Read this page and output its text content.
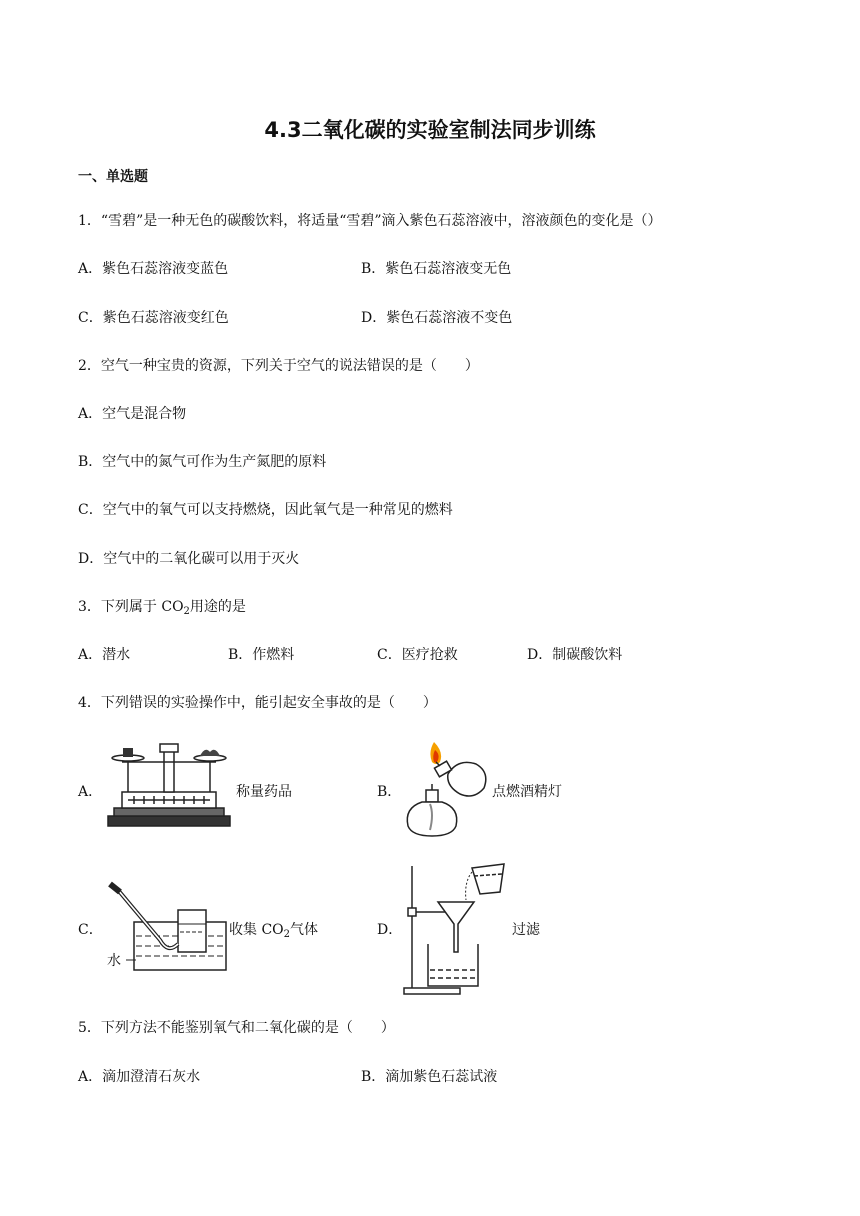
4.3二氧化碳的实验室制法同步训练
一、单选题
1．“雪碧”是一种无色的碳酸饮料，将适量“雪碧”滴入紫色石蕊溶液中，溶液颜色的变化是（）
A．紫色石蕊溶液变蓝色	B．紫色石蕊溶液变无色
C．紫色石蕊溶液变红色	D．紫色石蕊溶液不变色
2．空气一种宝贵的资源，下列关于空气的说法错误的是（　　）
A．空气是混合物
B．空气中的氮气可作为生产氮肥的原料
C．空气中的氧气可以支持燃烧，因此氧气是一种常见的燃料
D．空气中的二氧化碳可以用于灭火
3．下列属于 $CO_2$用途的是
A．潜水	B．作燃料	C．医疗抢救	D．制碳酸饮料
4．下列错误的实验操作中，能引起安全事故的是（　　）
A．	称量药品	B．	点燃酒精灯
C．
水
收集 $CO_2$气体	D．	过滤
5．下列方法不能鉴别氧气和二氧化碳的是（　　）
A．滴加澄清石灰水	B．滴加紫色石蕊试液
